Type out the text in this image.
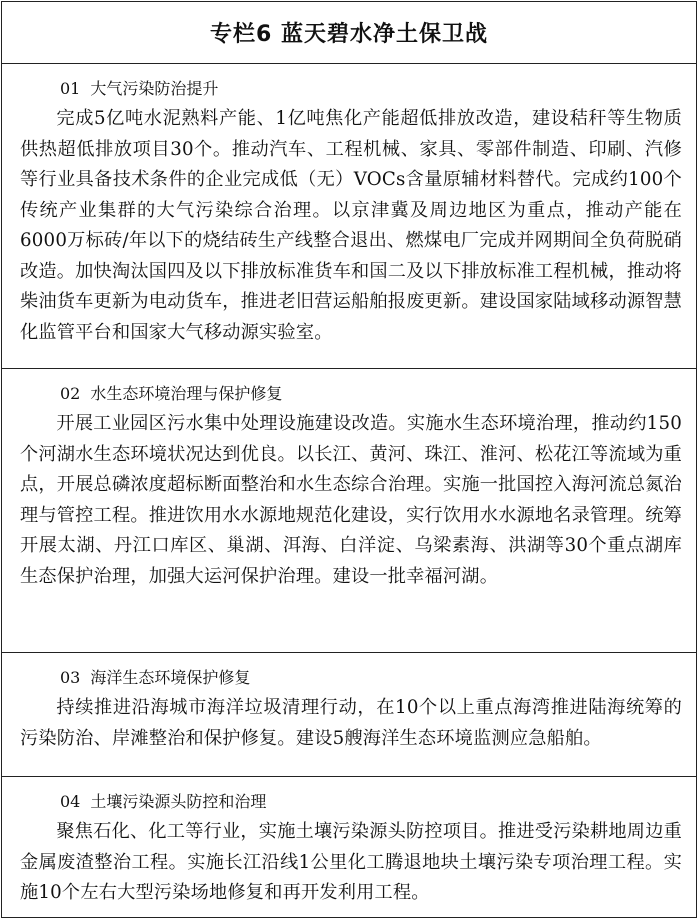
专栏6 蓝天碧水净土保卫战
01 大气污染防治提升

完成5亿吨水泥熟料产能、1亿吨焦化产能超低排放改造，建设秸秆等生物质供热超低排放项目30个。推动汽车、工程机械、家具、零部件制造、印刷、汽修等行业具备技术条件的企业完成低（无）VOCs含量原辅材料替代。完成约100个传统产业集群的大气污染综合治理。以京津冀及周边地区为重点，推动产能在6000万标砖/年以下的烧结砖生产线整合退出、燃煤电厂完成并网期间全负荷脱硝改造。加快淘汰国四及以下排放标准货车和国二及以下排放标准工程机械，推动将柴油货车更新为电动货车，推进老旧营运船舶报废更新。建设国家陆域移动源智慧化监管平台和国家大气移动源实验室。

02 水生态环境治理与保护修复

开展工业园区污水集中处理设施建设改造。实施水生态环境治理，推动约150个河湖水生态环境状况达到优良。以长江、黄河、珠江、淮河、松花江等流域为重点，开展总磷浓度超标断面整治和水生态综合治理。实施一批国控入海河流总氮治理与管控工程。推进饮用水水源地规范化建设，实行饮用水水源地名录管理。统筹开展太湖、丹江口库区、巢湖、洱海、白洋淀、乌梁素海、洪湖等30个重点湖库生态保护治理，加强大运河保护治理。建设一批幸福河湖。

03 海洋生态环境保护修复

持续推进沿海城市海洋垃圾清理行动，在10个以上重点海湾推进陆海统筹的污染防治、岸滩整治和保护修复。建设5艘海洋生态环境监测应急船舶。

04 土壤污染源头防控和治理

聚焦石化、化工等行业，实施土壤污染源头防控项目。推进受污染耕地周边重金属废渣整治工程。实施长江沿线1公里化工腾退地块土壤污染专项治理工程。实施10个左右大型污染场地修复和再开发利用工程。
